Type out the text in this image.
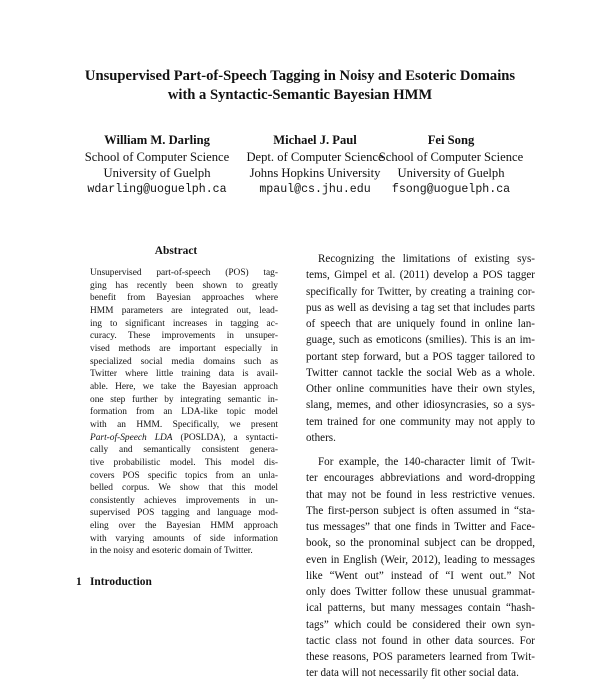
Unsupervised Part-of-Speech Tagging in Noisy and Esoteric Domains
with a Syntactic-Semantic Bayesian HMM
William M. Darling
School of Computer Science
University of Guelph
wdarling@uoguelph.ca
Michael J. Paul
Dept. of Computer Science
Johns Hopkins University
mpaul@cs.jhu.edu
Fei Song
School of Computer Science
University of Guelph
fsong@uoguelph.ca
Abstract
Unsupervised part-of-speech (POS) tag-
ging has recently been shown to greatly
benefit from Bayesian approaches where
HMM parameters are integrated out, lead-
ing to significant increases in tagging ac-
curacy. These improvements in unsuper-
vised methods are important especially in
specialized social media domains such as
Twitter where little training data is avail-
able. Here, we take the Bayesian approach
one step further by integrating semantic in-
formation from an LDA-like topic model
with an HMM. Specifically, we present
Part-of-Speech LDA (POSLDA), a syntacti-
cally and semantically consistent genera-
tive probabilistic model. This model dis-
covers POS specific topics from an unla-
belled corpus. We show that this model
consistently achieves improvements in un-
supervised POS tagging and language mod-
eling over the Bayesian HMM approach
with varying amounts of side information
in the noisy and esoteric domain of Twitter.
1 Introduction

Recognizing the limitations of existing sys-
tems, Gimpel et al. (2011) develop a POS tagger
specifically for Twitter, by creating a training cor-
pus as well as devising a tag set that includes parts
of speech that are uniquely found in online lan-
guage, such as emoticons (smilies). This is an im-
portant step forward, but a POS tagger tailored to
Twitter cannot tackle the social Web as a whole.
Other online communities have their own styles,
slang, memes, and other idiosyncrasies, so a sys-
tem trained for one community may not apply to
others.

For example, the 140-character limit of Twit-
ter encourages abbreviations and word-dropping
that may not be found in less restrictive venues.
The first-person subject is often assumed in “sta-
tus messages” that one finds in Twitter and Face-
book, so the pronominal subject can be dropped,
even in English (Weir, 2012), leading to messages
like “Went out” instead of “I went out.” Not
only does Twitter follow these unusual grammat-
ical patterns, but many messages contain “hash-
tags” which could be considered their own syn-
tactic class not found in other data sources. For
these reasons, POS parameters learned from Twit-
ter data will not necessarily fit other social data.
